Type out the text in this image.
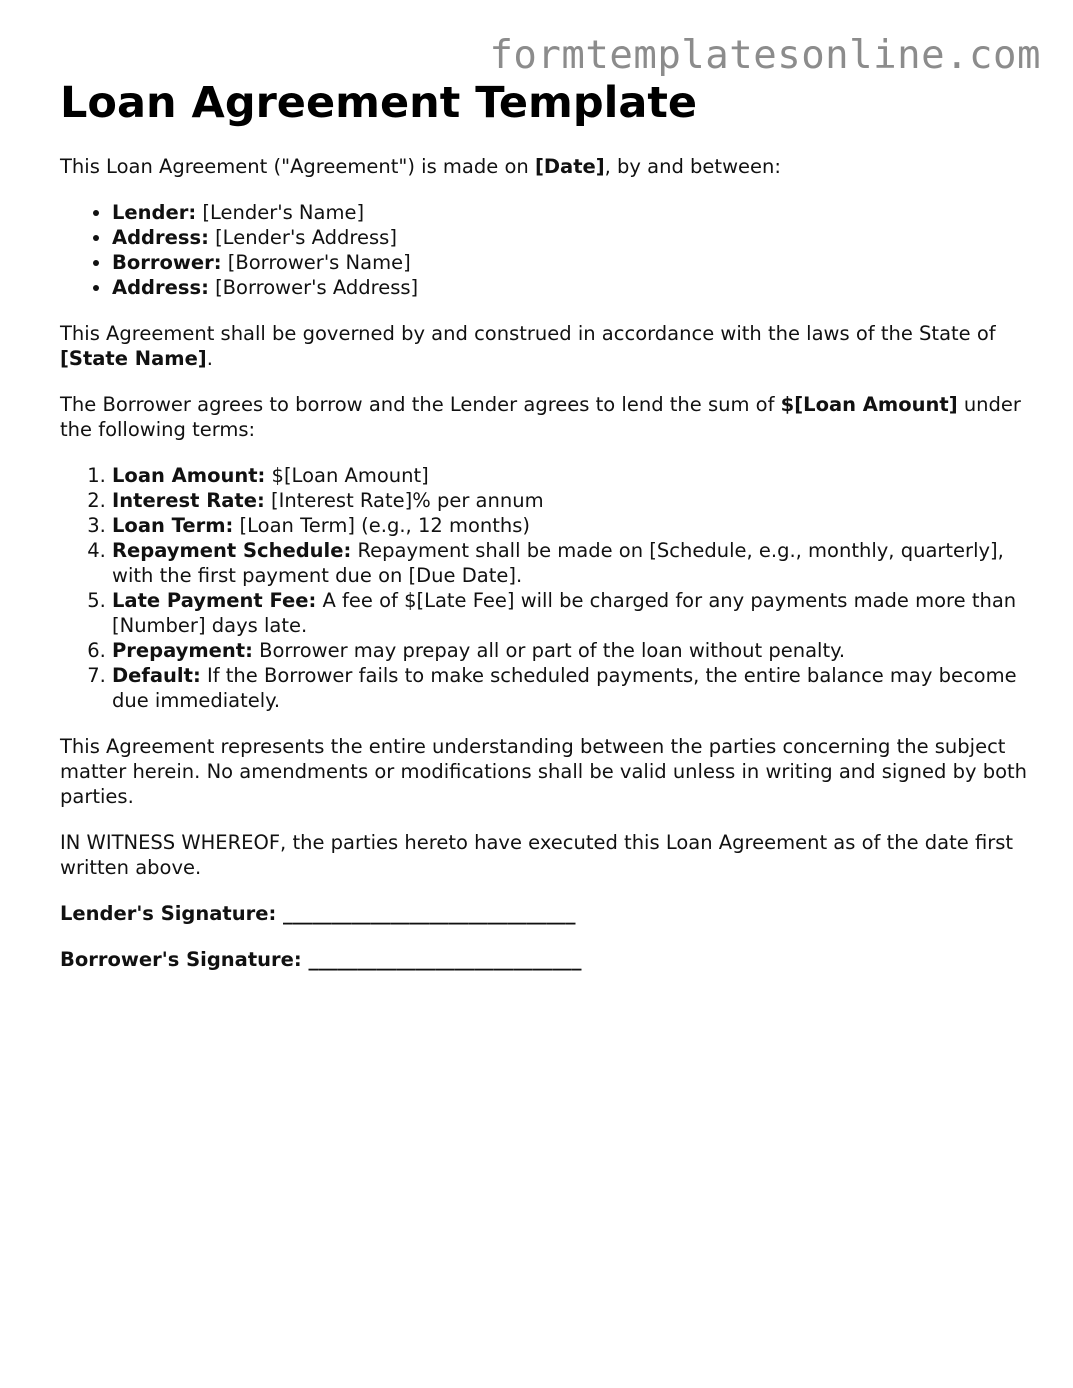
formtemplatesonline.com
Loan Agreement Template

This Loan Agreement ("Agreement") is made on [Date], by and between:

• Lender: [Lender's Name]
• Address: [Lender's Address]
• Borrower: [Borrower's Name]
• Address: [Borrower's Address]

This Agreement shall be governed by and construed in accordance with the laws of the State of [State Name].

The Borrower agrees to borrow and the Lender agrees to lend the sum of $[Loan Amount] under the following terms:

1. Loan Amount: $[Loan Amount]
2. Interest Rate: [Interest Rate]% per annum
3. Loan Term: [Loan Term] (e.g., 12 months)
4. Repayment Schedule: Repayment shall be made on [Schedule, e.g., monthly, quarterly], with the first payment due on [Due Date].
5. Late Payment Fee: A fee of $[Late Fee] will be charged for any payments made more than [Number] days late.
6. Prepayment: Borrower may prepay all or part of the loan without penalty.
7. Default: If the Borrower fails to make scheduled payments, the entire balance may become due immediately.

This Agreement represents the entire understanding between the parties concerning the subject matter herein. No amendments or modifications shall be valid unless in writing and signed by both parties.

IN WITNESS WHEREOF, the parties hereto have executed this Loan Agreement as of the date first written above.

Lender's Signature: ______________________________

Borrower's Signature: ____________________________
